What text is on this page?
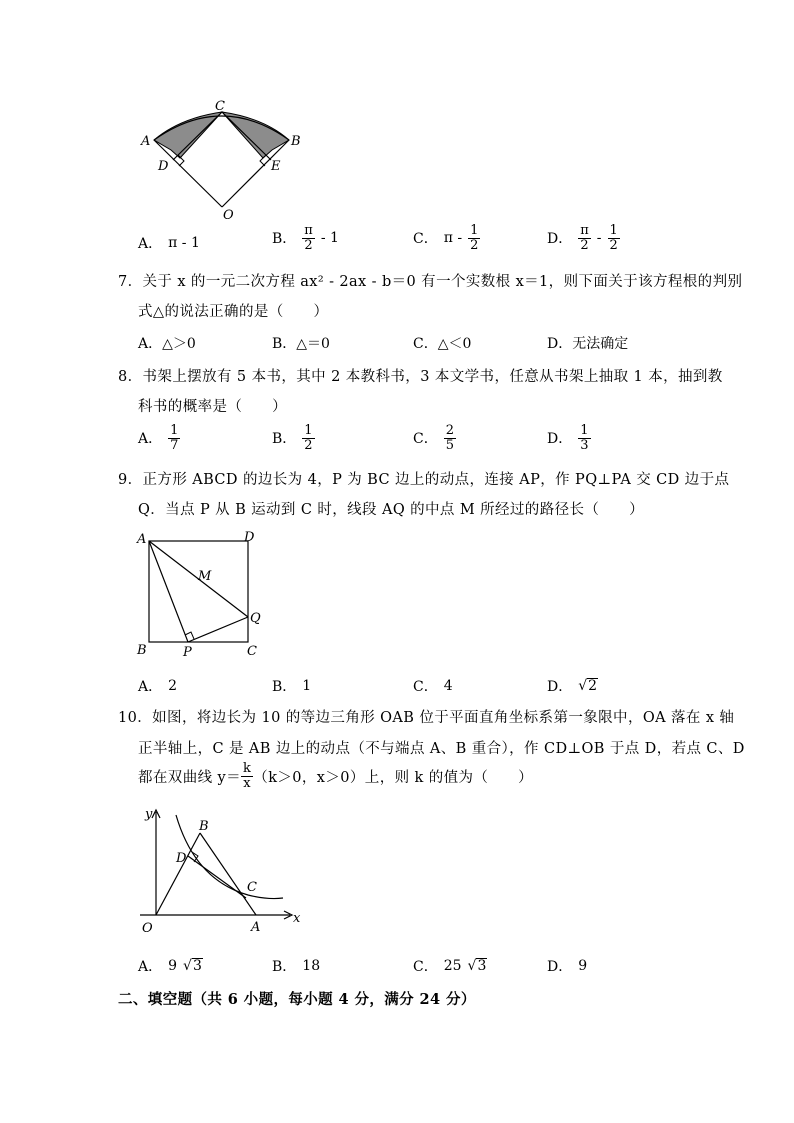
A	B
C
D	E
O
A． π - 1	B． $\frac{\pi}{2} - 1$	C． π - $\frac{1}{2}$	D． $\frac{\pi}{2} - \frac{1}{2}$
7．关于 x 的一元二次方程 ax² - 2ax - b＝0 有一个实数根 x＝1，则下面关于该方程根的判别
式△的说法正确的是（　　）
A．△＞0	B．△＝0	C．△＜0	D．无法确定
8．书架上摆放有 5 本书，其中 2 本教科书，3 本文学书，任意从书架上抽取 1 本，抽到教
科书的概率是（　　）
A． $\frac{1}{7}$	B． $\frac{1}{2}$	C． $\frac{2}{5}$	D． $\frac{1}{3}$
9．正方形 ABCD 的边长为 4，P 为 BC 边上的动点，连接 AP，作 PQ⊥PA 交 CD 边于点
Q．当点 P 从 B 运动到 C 时，线段 AQ 的中点 M 所经过的路径长（　　）
A	D
M
Q
B	P	C
A． 2	B． 1	C． 4	D． √ 2
10．如图，将边长为 10 的等边三角形 OAB 位于平面直角坐标系第一象限中，OA 落在 x 轴
正半轴上，C 是 AB 边上的动点（不与端点 A、B 重合），作 CD⊥OB 于点 D，若点 C、D
都在双曲线 $y= \frac{k}{x} (k>0$，x＞0）上，则 k 的值为（　　）
y
x
O	A
B
D
C
A． 9 √ 3	B． 18	C． 25 √ 3	D． 9
二、填空题（共 6 小题，每小题 4 分，满分 24 分）
